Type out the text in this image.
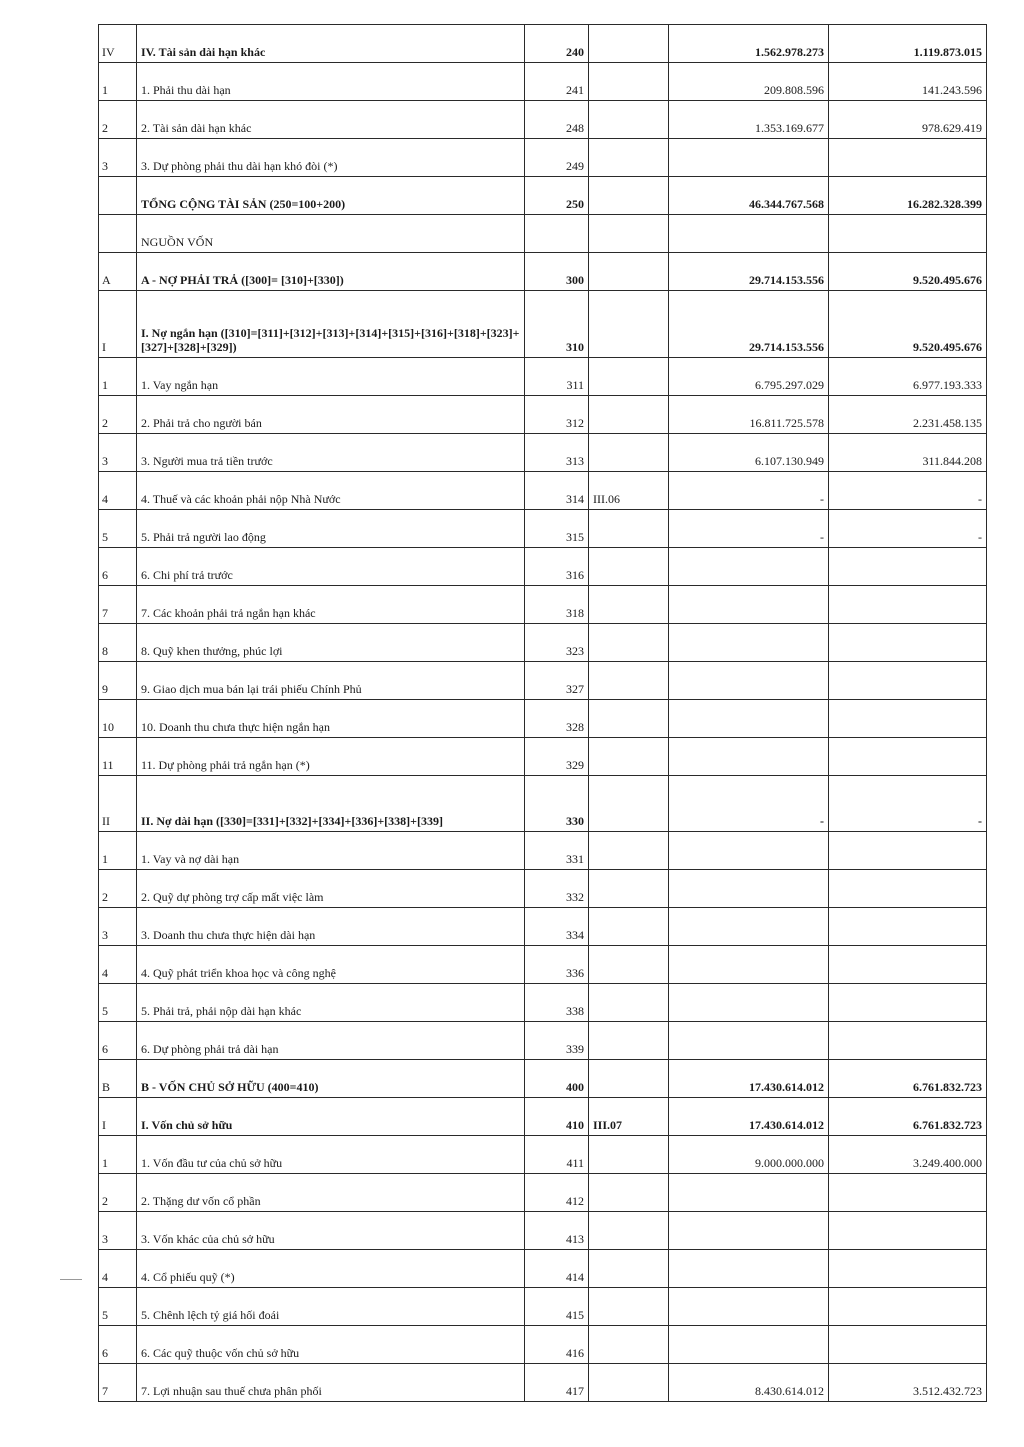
IV	IV. Tài sản dài hạn khác	240		1.562.978.273	1.119.873.015
1	1. Phải thu dài hạn	241		209.808.596	141.243.596
2	2. Tài sản dài hạn khác	248		1.353.169.677	978.629.419
3	3. Dự phòng phải thu dài hạn khó đòi (*)	249			
	TỔNG CỘNG TÀI SẢN (250=100+200)	250		46.344.767.568	16.282.328.399
	NGUỒN VỐN				
A	A - NỢ PHẢI TRẢ ([300]= [310]+[330])	300		29.714.153.556	9.520.495.676
I	I. Nợ ngắn hạn ([310]=[311]+[312]+[313]+[314]+[315]+[316]+[318]+[323]+[327]+[328]+[329])	310		29.714.153.556	9.520.495.676
1	1. Vay ngắn hạn	311		6.795.297.029	6.977.193.333
2	2. Phải trả cho người bán	312		16.811.725.578	2.231.458.135
3	3. Người mua trả tiền trước	313		6.107.130.949	311.844.208
4	4. Thuế và các khoản phải nộp Nhà Nước	314	III.06	-	-
5	5. Phải trả người lao động	315		-	-
6	6. Chi phí trả trước	316			
7	7. Các khoản phải trả ngắn hạn khác	318			
8	8. Quỹ khen thưởng, phúc lợi	323			
9	9. Giao dịch mua bán lại trái phiếu Chính Phủ	327			
10	10. Doanh thu chưa thực hiện ngắn hạn	328			
11	11. Dự phòng phải trả ngắn hạn (*)	329			
II	II. Nợ dài hạn ([330]=[331]+[332]+[334]+[336]+[338]+[339]	330		-	-
1	1. Vay và nợ dài hạn	331			
2	2. Quỹ dự phòng trợ cấp mất việc làm	332			
3	3. Doanh thu chưa thực hiện dài hạn	334			
4	4. Quỹ phát triển khoa học và công nghệ	336			
5	5. Phải trả, phải nộp dài hạn khác	338			
6	6. Dự phòng phải trả dài hạn	339			
B	B - VỐN CHỦ SỞ HỮU (400=410)	400		17.430.614.012	6.761.832.723
I	I. Vốn chủ sở hữu	410	III.07	17.430.614.012	6.761.832.723
1	1. Vốn đầu tư của chủ sở hữu	411		9.000.000.000	3.249.400.000
2	2. Thặng dư vốn cổ phần	412			
3	3. Vốn khác của chủ sở hữu	413			
4	4. Cổ phiếu quỹ (*)	414			
5	5. Chênh lệch tỷ giá hối đoái	415			
6	6. Các quỹ thuộc vốn chủ sở hữu	416			
7	7. Lợi nhuận sau thuế chưa phân phối	417		8.430.614.012	3.512.432.723
